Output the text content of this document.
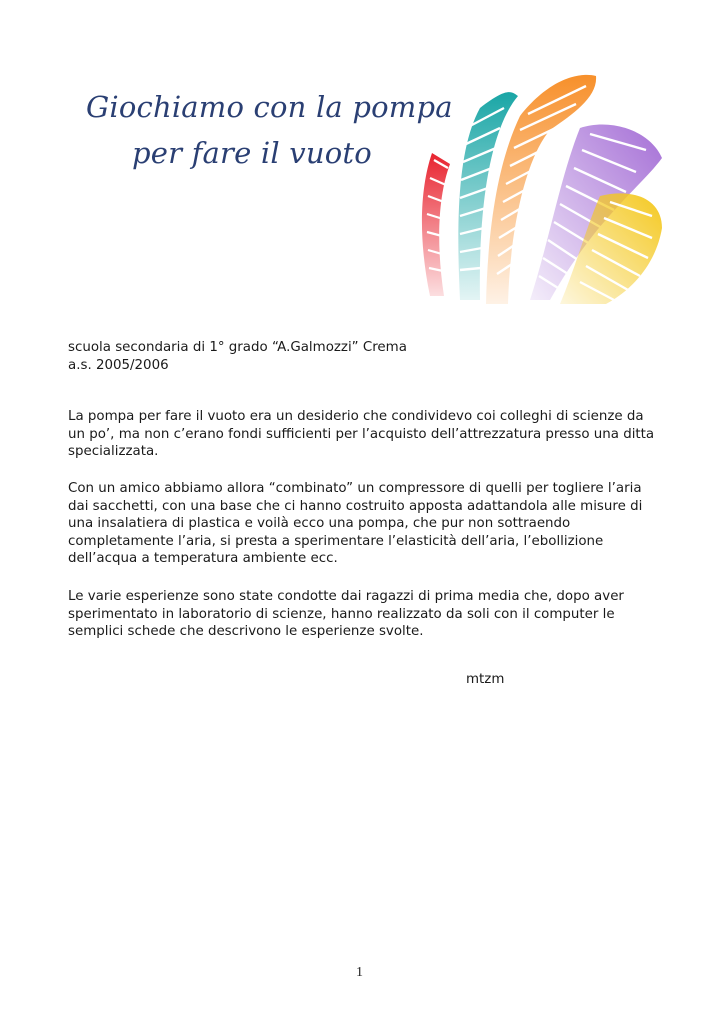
Giochiamo con la pompa
per fare il vuoto

scuola secondaria di 1° grado “A.Galmozzi” Crema

a.s. 2005/2006

La pompa per fare il vuoto era un desiderio che condividevo coi colleghi di scienze da un po’, ma non c’erano fondi sufficienti per l’acquisto dell’attrezzatura presso una ditta specializzata.

Con un amico abbiamo allora “combinato” un compressore di quelli per togliere l’aria dai sacchetti, con una base che ci hanno costruito apposta adattandola alle misure di una insalatiera di plastica e voilà ecco una pompa, che pur non sottraendo completamente l’aria, si presta a sperimentare l’elasticità dell’aria, l’ebollizione dell’acqua a temperatura ambiente ecc.

Le varie esperienze sono state condotte dai ragazzi di prima media che, dopo aver sperimentato in laboratorio di scienze, hanno realizzato da soli con il computer le semplici schede che descrivono le esperienze svolte.

mtzm
1
